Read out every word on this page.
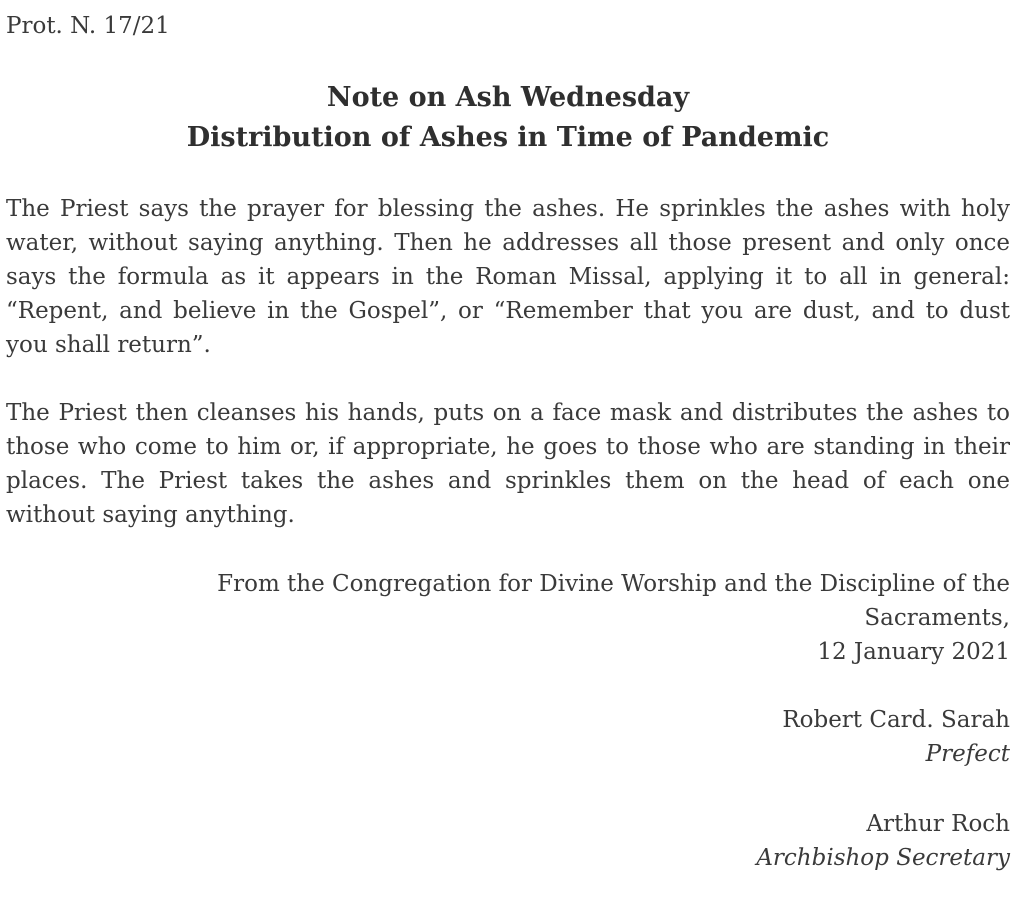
Prot. N. 17/21
Note on Ash Wednesday
Distribution of Ashes in Time of Pandemic

The Priest says the prayer for blessing the ashes. He sprinkles the ashes with holy water, without saying anything. Then he addresses all those present and only once says the formula as it appears in the Roman Missal, applying it to all in general: “Repent, and believe in the Gospel”, or “Remember that you are dust, and to dust you shall return”.

The Priest then cleanses his hands, puts on a face mask and distributes the ashes to those who come to him or, if appropriate, he goes to those who are standing in their places. The Priest takes the ashes and sprinkles them on the head of each one without saying anything.

From the Congregation for Divine Worship and the Discipline of the
Sacraments,
12 January 2021
Robert Card. Sarah
Prefect
Arthur Roch
Archbishop Secretary
